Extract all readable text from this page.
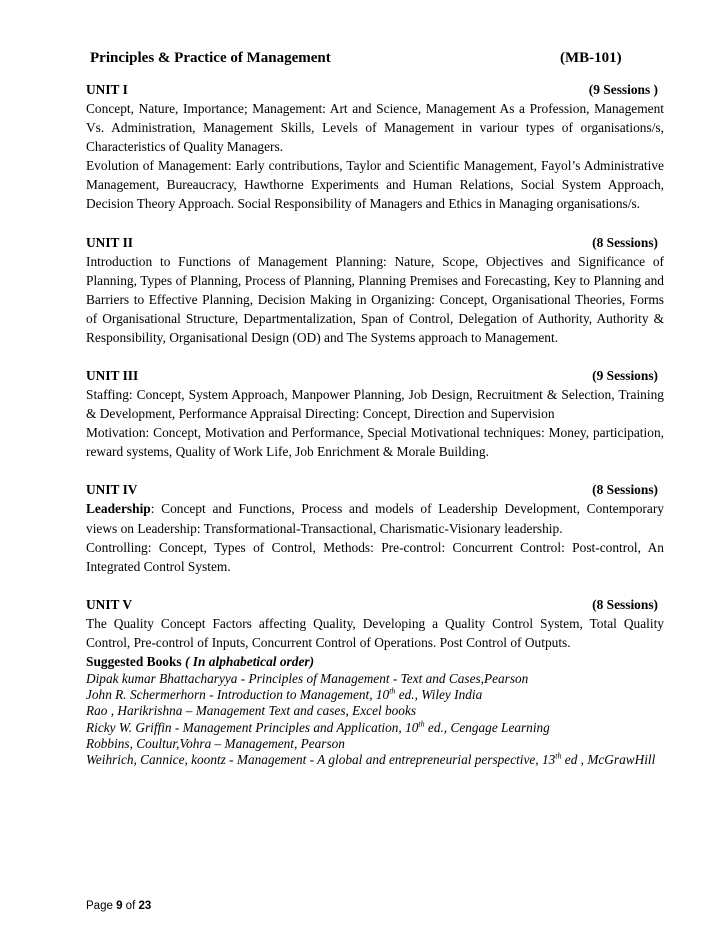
Principles & Practice of Management	(MB-101)
UNIT I	(9 Sessions )

Concept, Nature, Importance; Management: Art and Science, Management As a Profession, Management Vs. Administration, Management Skills, Levels of Management in variour types of organisations/s, Characteristics of Quality Managers.

Evolution of Management: Early contributions, Taylor and Scientific Management, Fayol’s Administrative Management, Bureaucracy, Hawthorne Experiments and Human Relations, Social System Approach, Decision Theory Approach. Social Responsibility of Managers and Ethics in Managing organisations/s.

UNIT II	(8 Sessions)

Introduction to Functions of Management Planning: Nature, Scope, Objectives and Significance of Planning, Types of Planning, Process of Planning, Planning Premises and Forecasting, Key to Planning and Barriers to Effective Planning, Decision Making in Organizing: Concept, Organisational Theories, Forms of Organisational Structure, Departmentalization, Span of Control, Delegation of Authority, Authority & Responsibility, Organisational Design (OD) and The Systems approach to Management.

UNIT III	(9 Sessions)

Staffing: Concept, System Approach, Manpower Planning, Job Design, Recruitment & Selection, Training & Development, Performance Appraisal Directing: Concept, Direction and Supervision

Motivation: Concept, Motivation and Performance, Special Motivational techniques: Money, participation, reward systems, Quality of Work Life, Job Enrichment & Morale Building.

UNIT IV	(8 Sessions)

Leadership: Concept and Functions, Process and models of Leadership Development, Contemporary views on Leadership: Transformational-Transactional, Charismatic-Visionary leadership.

Controlling: Concept, Types of Control, Methods: Pre-control: Concurrent Control: Post-control, An Integrated Control System.

UNIT V	(8 Sessions)

The Quality Concept Factors affecting Quality, Developing a Quality Control System, Total Quality Control, Pre-control of Inputs, Concurrent Control of Operations. Post Control of Outputs.

Suggested Books ( In alphabetical order)
Dipak kumar Bhattacharyya - Principles of Management - Text and Cases,Pearson
John R. Schermerhorn - Introduction to Management, 10th ed., Wiley India
Rao , Harikrishna – Management Text and cases, Excel books
Ricky W. Griffin - Management Principles and Application, 10th ed., Cengage Learning
Robbins, Coultur,Vohra – Management, Pearson
Weihrich, Cannice, koontz - Management - A global and entrepreneurial perspective, 13th ed , McGrawHill
Page 9 of 23
